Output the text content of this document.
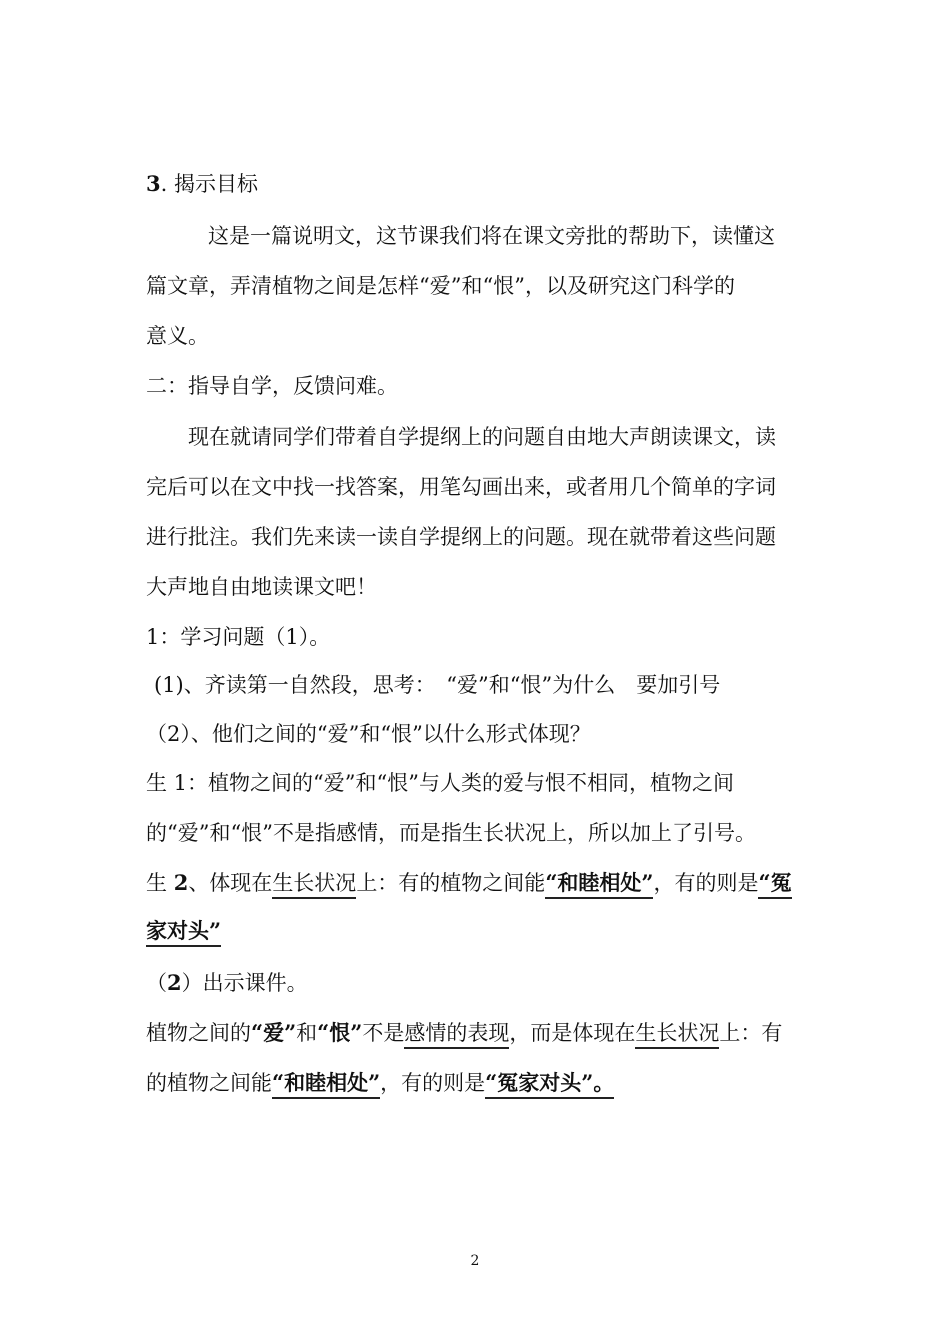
3. 揭示目标
这是一篇说明文，这节课我们将在课文旁批的帮助下，读懂这
篇文章，弄清植物之间是怎样“爱”和“恨”，以及研究这门科学的
意义。
二：指导自学，反馈问难。
现在就请同学们带着自学提纲上的问题自由地大声朗读课文，读
完后可以在文中找一找答案，用笔勾画出来，或者用几个简单的字词
进行批注。我们先来读一读自学提纲上的问题。现在就带着这些问题
大声地自由地读课文吧！
1：学习问题（1）。
(1)、齐读第一自然段，思考：　“爱”和“恨”为什么　要加引号
（2）、他们之间的“爱”和“恨”以什么形式体现？
生 1：植物之间的“爱”和“恨”与人类的爱与恨不相同，植物之间
的“爱”和“恨”不是指感情，而是指生长状况上，所以加上了引号。
生 2、体现在生长状况上：有的植物之间能“和睦相处”，有的则是“冤
家对头”
（2）出示课件。
植物之间的“爱”和“恨”不是感情的表现，而是体现在生长状况上：有
的植物之间能“和睦相处”，有的则是“冤家对头”。
2
